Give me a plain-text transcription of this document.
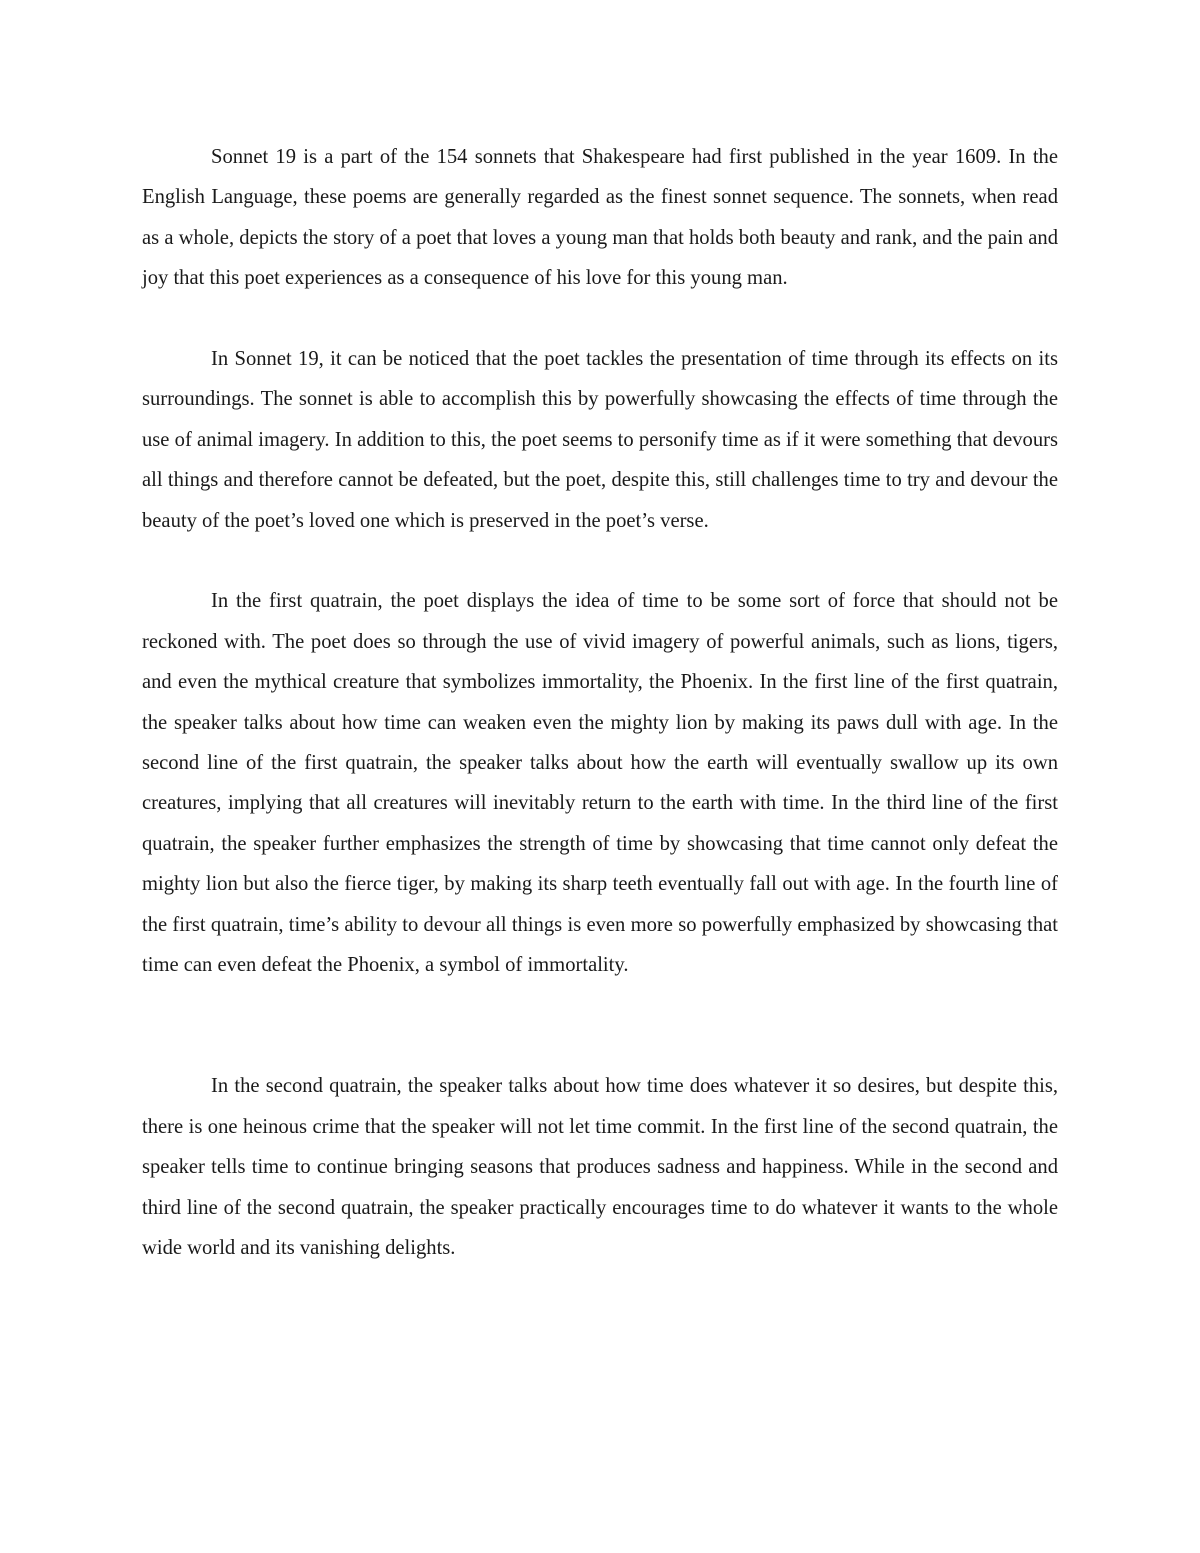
Sonnet 19 is a part of the 154 sonnets that Shakespeare had first published in the year 1609. In the English Language, these poems are generally regarded as the finest sonnet sequence. The sonnets, when read as a whole, depicts the story of a poet that loves a young man that holds both beauty and rank, and the pain and joy that this poet experiences as a consequence of his love for this young man.

In Sonnet 19, it can be noticed that the poet tackles the presentation of time through its effects on its surroundings. The sonnet is able to accomplish this by powerfully showcasing the effects of time through the use of animal imagery. In addition to this, the poet seems to personify time as if it were something that devours all things and therefore cannot be defeated, but the poet, despite this, still challenges time to try and devour the beauty of the poet’s loved one which is preserved in the poet’s verse.

In the first quatrain, the poet displays the idea of time to be some sort of force that should not be reckoned with. The poet does so through the use of vivid imagery of powerful animals, such as lions, tigers, and even the mythical creature that symbolizes immortality, the Phoenix. In the first line of the first quatrain, the speaker talks about how time can weaken even the mighty lion by making its paws dull with age. In the second line of the first quatrain, the speaker talks about how the earth will eventually swallow up its own creatures, implying that all creatures will inevitably return to the earth with time. In the third line of the first quatrain, the speaker further emphasizes the strength of time by showcasing that time cannot only defeat the mighty lion but also the fierce tiger, by making its sharp teeth eventually fall out with age. In the fourth line of the first quatrain, time’s ability to devour all things is even more so powerfully emphasized by showcasing that time can even defeat the Phoenix, a symbol of immortality.

In the second quatrain, the speaker talks about how time does whatever it so desires, but despite this, there is one heinous crime that the speaker will not let time commit. In the first line of the second quatrain, the speaker tells time to continue bringing seasons that produces sadness and happiness. While in the second and third line of the second quatrain, the speaker practically encourages time to do whatever it wants to the whole wide world and its vanishing delights.
